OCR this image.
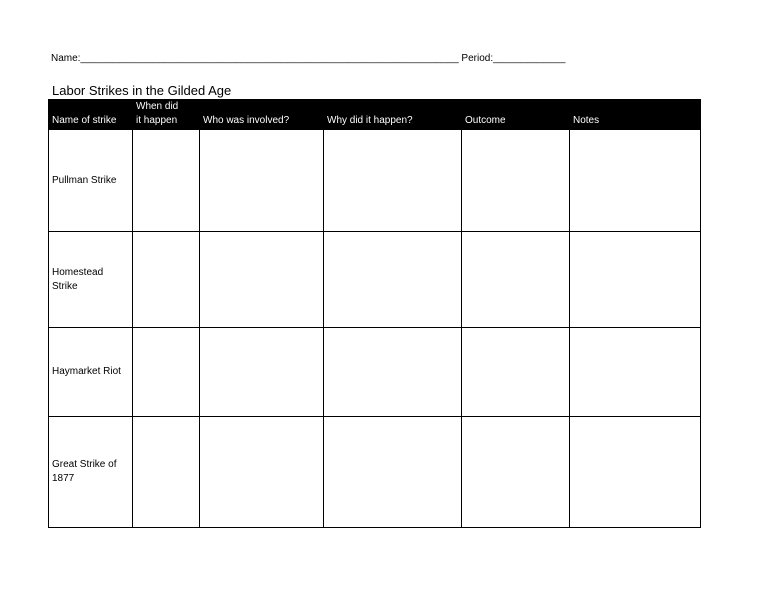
Name:____________________________________________________________________ Period:_____________
Labor Strikes in the Gilded Age
Name of strike	When did it happen	Who was involved?	Why did it happen?	Outcome	Notes
Pullman Strike					
Homestead Strike					
Haymarket Riot					
Great Strike of 1877					
